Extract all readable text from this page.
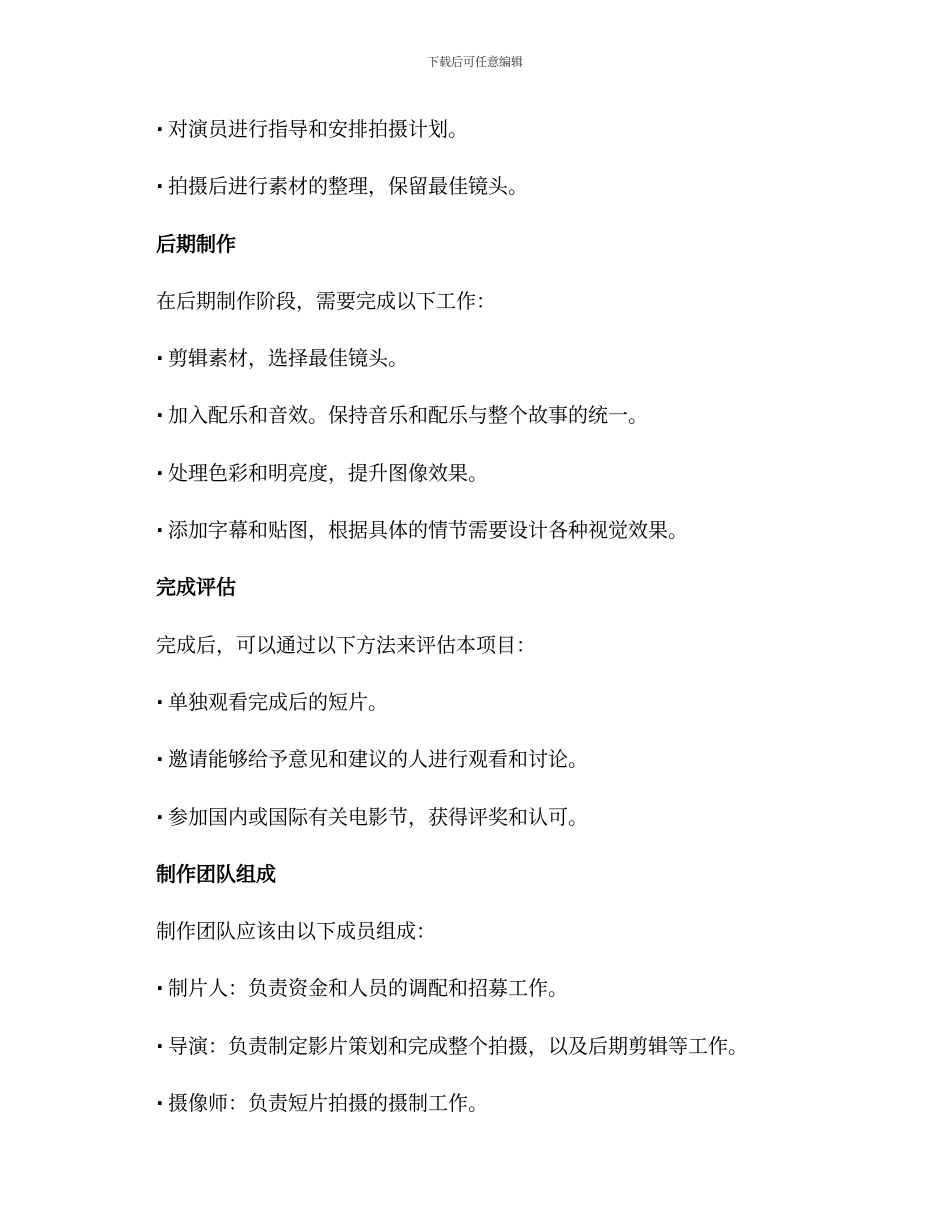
下载后可任意编辑
· 对演员进行指导和安排拍摄计划。
· 拍摄后进行素材的整理，保留最佳镜头。
后期制作
在后期制作阶段，需要完成以下工作：
· 剪辑素材，选择最佳镜头。
· 加入配乐和音效。保持音乐和配乐与整个故事的统一。
· 处理色彩和明亮度，提升图像效果。
· 添加字幕和贴图，根据具体的情节需要设计各种视觉效果。
完成评估
完成后，可以通过以下方法来评估本项目：
· 单独观看完成后的短片。
· 邀请能够给予意见和建议的人进行观看和讨论。
· 参加国内或国际有关电影节，获得评奖和认可。
制作团队组成
制作团队应该由以下成员组成：
· 制片人：负责资金和人员的调配和招募工作。
· 导演：负责制定影片策划和完成整个拍摄，以及后期剪辑等工作。
· 摄像师：负责短片拍摄的摄制工作。
